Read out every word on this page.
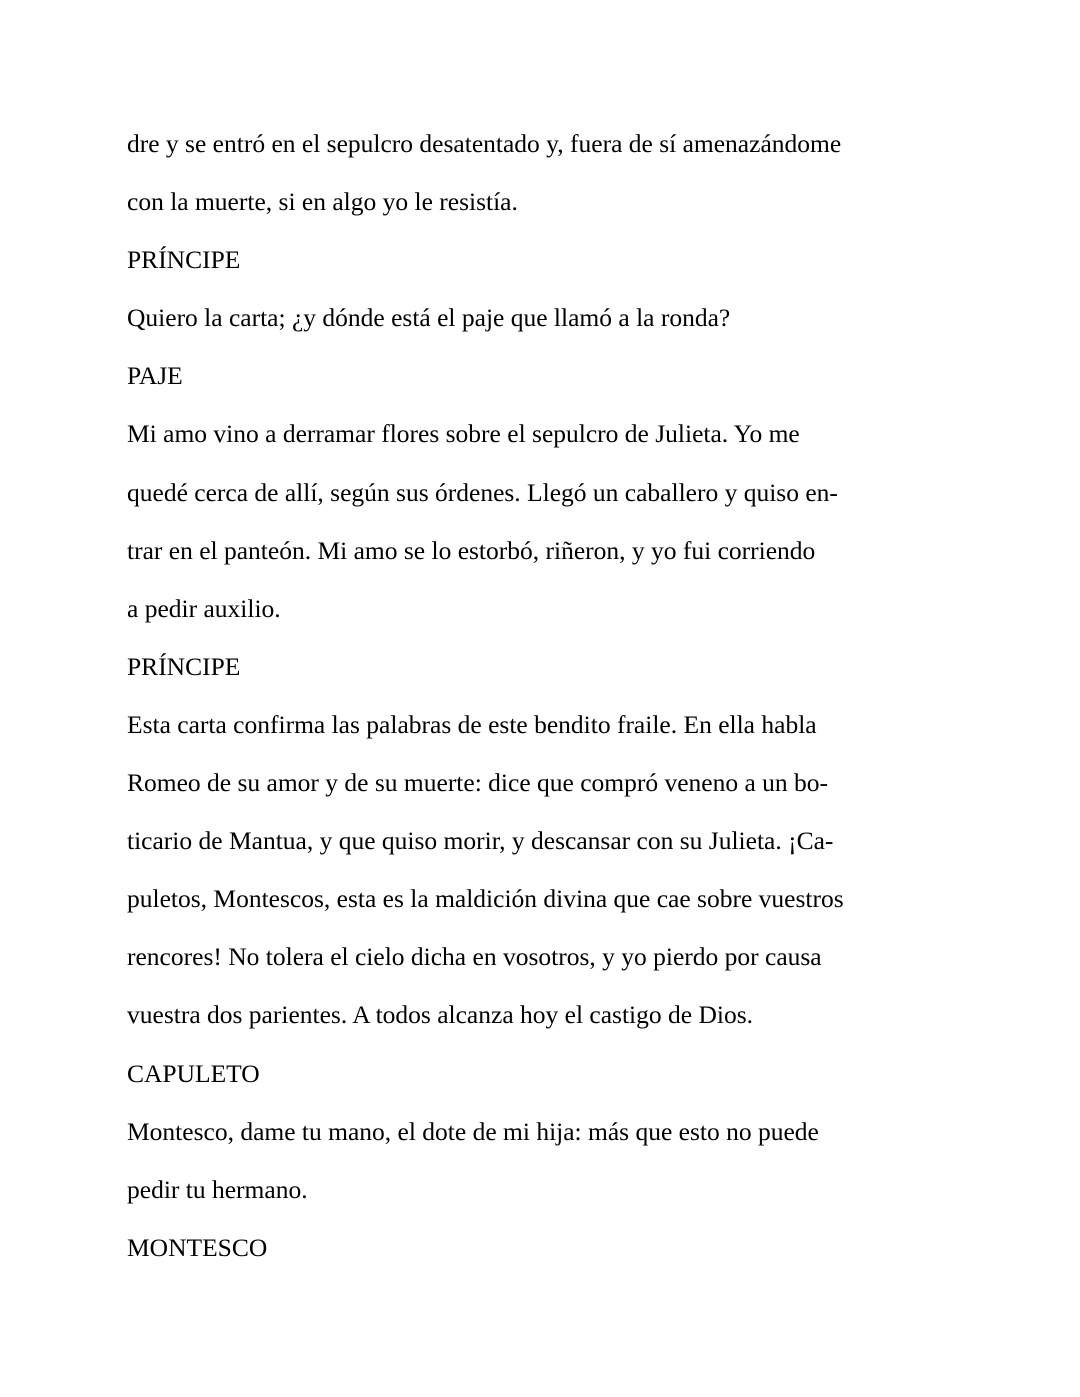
dre y se entró en el sepulcro desatentado y, fuera de sí amenazándome
con la muerte, si en algo yo le resistía.
PRÍNCIPE
Quiero la carta; ¿y dónde está el paje que llamó a la ronda?
PAJE
Mi amo vino a derramar flores sobre el sepulcro de Julieta. Yo me
quedé cerca de allí, según sus órdenes. Llegó un caballero y quiso en-
trar en el panteón. Mi amo se lo estorbó, riñeron, y yo fui corriendo
a pedir auxilio.
PRÍNCIPE
Esta carta confirma las palabras de este bendito fraile. En ella habla
Romeo de su amor y de su muerte: dice que compró veneno a un bo-
ticario de Mantua, y que quiso morir, y descansar con su Julieta. ¡Ca-
puletos, Montescos, esta es la maldición divina que cae sobre vuestros
rencores! No tolera el cielo dicha en vosotros, y yo pierdo por causa
vuestra dos parientes. A todos alcanza hoy el castigo de Dios.
CAPULETO
Montesco, dame tu mano, el dote de mi hija: más que esto no puede
pedir tu hermano.
MONTESCO
